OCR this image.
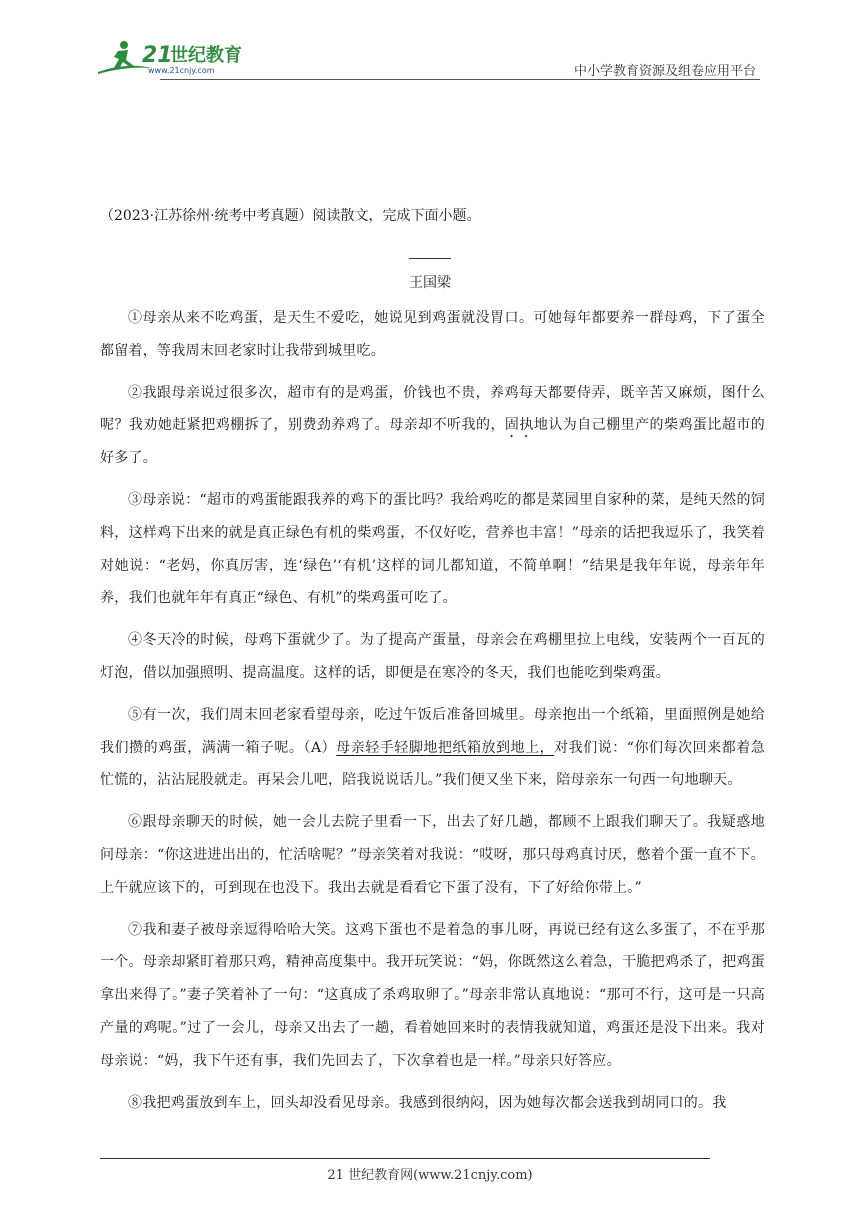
21
世纪教育
www.21cnjy.com	中小学教育资源及组卷应用平台
（2023·江苏徐州·统考中考真题）阅读散文，完成下面小题。
王国梁

①母亲从来不吃鸡蛋，是天生不爱吃，她说见到鸡蛋就没胃口。可她每年都要养一群母鸡，下了蛋全都留着，等我周末回老家时让我带到城里吃。

②我跟母亲说过很多次，超市有的是鸡蛋，价钱也不贵，养鸡每天都要侍弄，既辛苦又麻烦，图什么呢？我劝她赶紧把鸡棚拆了，别费劲养鸡了。母亲却不听我的，固执地认为自己棚里产的柴鸡蛋比超市的好多了。

③母亲说：“超市的鸡蛋能跟我养的鸡下的蛋比吗？我给鸡吃的都是菜园里自家种的菜，是纯天然的饲料，这样鸡下出来的就是真正绿色有机的柴鸡蛋，不仅好吃，营养也丰富！”母亲的话把我逗乐了，我笑着对她说：“老妈，你真厉害，连‘绿色’‘有机’这样的词儿都知道，不简单啊！”结果是我年年说，母亲年年养，我们也就年年有真正“绿色、有机”的柴鸡蛋可吃了。

④冬天冷的时候，母鸡下蛋就少了。为了提高产蛋量，母亲会在鸡棚里拉上电线，安装两个一百瓦的灯泡，借以加强照明、提高温度。这样的话，即便是在寒冷的冬天，我们也能吃到柴鸡蛋。

⑤有一次，我们周末回老家看望母亲，吃过午饭后准备回城里。母亲抱出一个纸箱，里面照例是她给我们攒的鸡蛋，满满一箱子呢。（A）母亲轻手轻脚地把纸箱放到地上，对我们说：“你们每次回来都着急忙慌的，沾沾屁股就走。再呆会儿吧，陪我说说话儿。”我们便又坐下来，陪母亲东一句西一句地聊天。

⑥跟母亲聊天的时候，她一会儿去院子里看一下，出去了好几趟，都顾不上跟我们聊天了。我疑惑地问母亲：“你这进进出出的，忙活啥呢？”母亲笑着对我说：“哎呀，那只母鸡真讨厌，憋着个蛋一直不下。上午就应该下的，可到现在也没下。我出去就是看看它下蛋了没有，下了好给你带上。”

⑦我和妻子被母亲逗得哈哈大笑。这鸡下蛋也不是着急的事儿呀，再说已经有这么多蛋了，不在乎那一个。母亲却紧盯着那只鸡，精神高度集中。我开玩笑说：“妈，你既然这么着急，干脆把鸡杀了，把鸡蛋拿出来得了。”妻子笑着补了一句：“这真成了杀鸡取卵了。”母亲非常认真地说：“那可不行，这可是一只高产量的鸡呢。”过了一会儿，母亲又出去了一趟，看着她回来时的表情我就知道，鸡蛋还是没下出来。我对母亲说：“妈，我下午还有事，我们先回去了，下次拿着也是一样。”母亲只好答应。

⑧我把鸡蛋放到车上，回头却没看见母亲。我感到很纳闷，因为她每次都会送我到胡同口的。我

21 世纪教育网(www.21cnjy.com)
